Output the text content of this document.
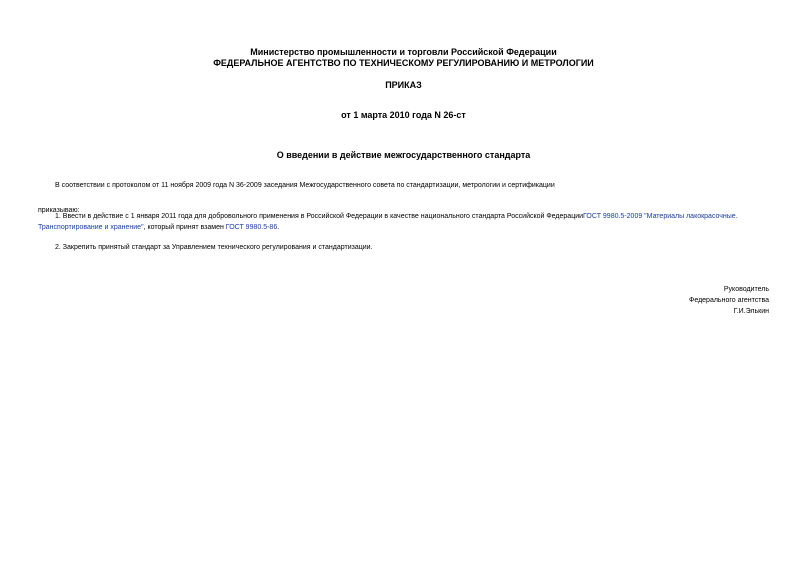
Министерство промышленности и торговли Российской Федерации
ФЕДЕРАЛЬНОЕ АГЕНТСТВО ПО ТЕХНИЧЕСКОМУ РЕГУЛИРОВАНИЮ И МЕТРОЛОГИИ
ПРИКАЗ
от 1 марта 2010 года N 26-ст
О введении в действие межгосударственного стандарта
В соответствии с протоколом от 11 ноября 2009 года N 36-2009 заседания Межгосударственного совета по стандартизации, метрологии и сертификации
приказываю:
1. Ввести в действие с 1 января 2011 года для добровольного применения в Российской Федерации в качестве национального стандарта Российской ФедерацииГОСТ 9980.5-2009 "Материалы лакокрасочные.
Транспортирование и хранение", который принят взамен ГОСТ 9980.5-86.
2. Закрепить принятый стандарт за Управлением технического регулирования и стандартизации.
Руководитель
Федерального агентства
Г.И.Элькин
